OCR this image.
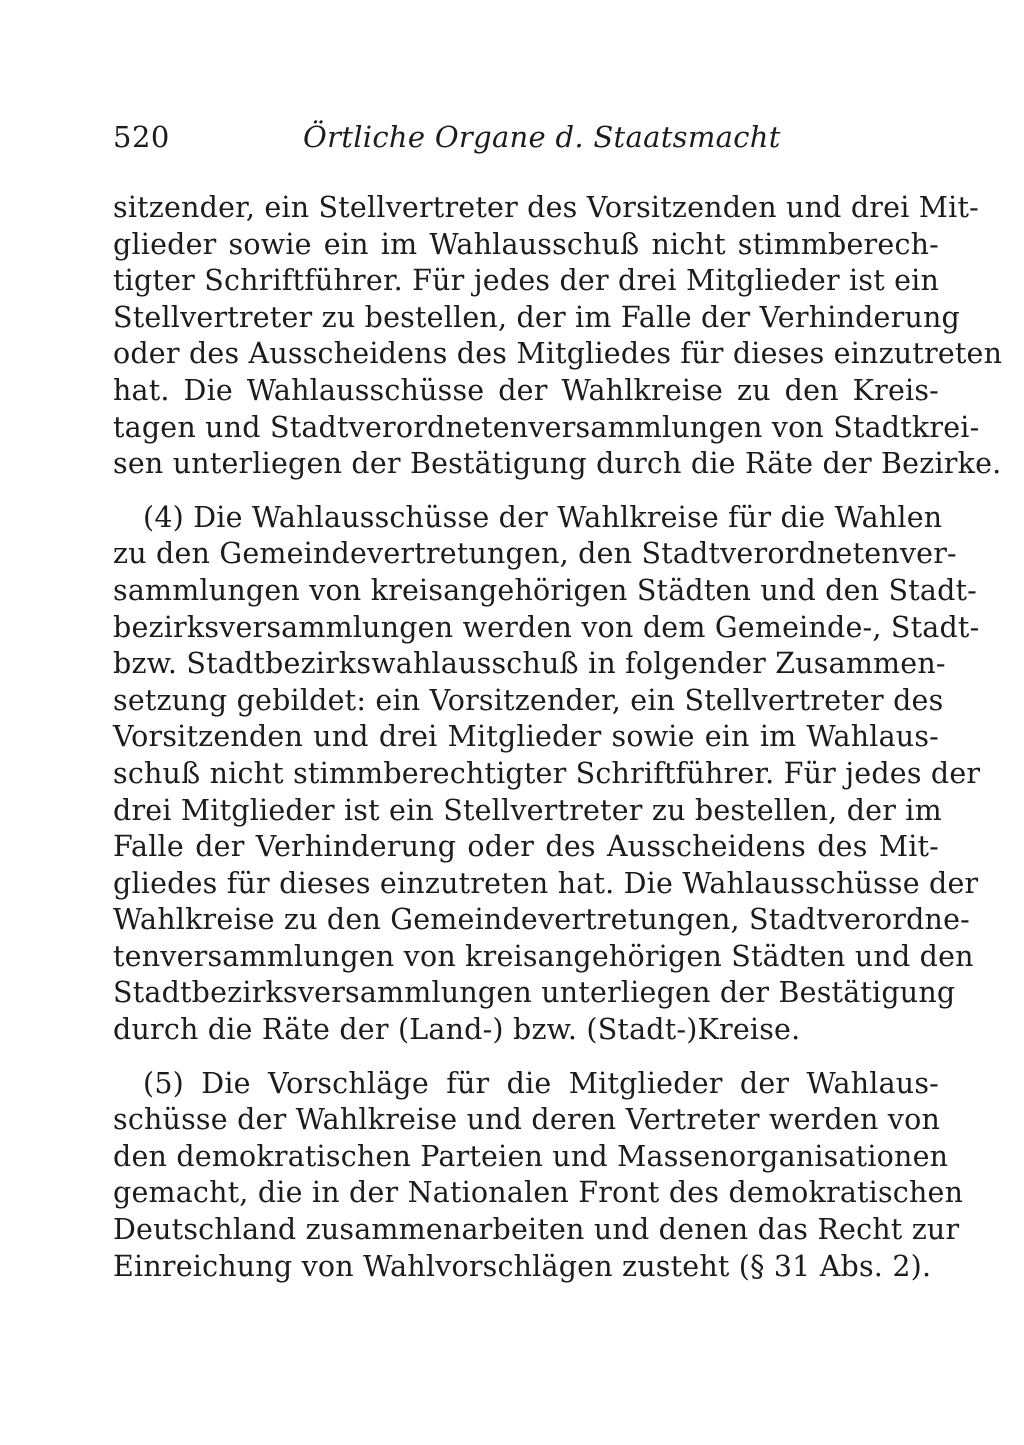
520	Örtliche Organe d. Staatsmacht

sitzender, ein Stellvertreter des Vorsitzenden und drei Mit-
glieder sowie ein im Wahlausschuß nicht stimmberech-
tigter Schriftführer. Für jedes der drei Mitglieder ist ein
Stellvertreter zu bestellen, der im Falle der Verhinderung
oder des Ausscheidens des Mitgliedes für dieses einzutreten
hat. Die Wahlausschüsse der Wahlkreise zu den Kreis-
tagen und Stadtverordnetenversammlungen von Stadtkrei-
sen unterliegen der Bestätigung durch die Räte der Bezirke.

(4) Die Wahlausschüsse der Wahlkreise für die Wahlen
zu den Gemeindevertretungen, den Stadtverordnetenver-
sammlungen von kreisangehörigen Städten und den Stadt-
bezirksversammlungen werden von dem Gemeinde-, Stadt-
bzw. Stadtbezirkswahlausschuß in folgender Zusammen-
setzung gebildet: ein Vorsitzender, ein Stellvertreter des
Vorsitzenden und drei Mitglieder sowie ein im Wahlaus-
schuß nicht stimmberechtigter Schriftführer. Für jedes der
drei Mitglieder ist ein Stellvertreter zu bestellen, der im
Falle der Verhinderung oder des Ausscheidens des Mit-
gliedes für dieses einzutreten hat. Die Wahlausschüsse der
Wahlkreise zu den Gemeindevertretungen, Stadtverordne-
tenversammlungen von kreisangehörigen Städten und den
Stadtbezirksversammlungen unterliegen der Bestätigung
durch die Räte der (Land-) bzw. (Stadt-)Kreise.

(5) Die Vorschläge für die Mitglieder der Wahlaus-
schüsse der Wahlkreise und deren Vertreter werden von
den demokratischen Parteien und Massenorganisationen
gemacht, die in der Nationalen Front des demokratischen
Deutschland zusammenarbeiten und denen das Recht zur
Einreichung von Wahlvorschlägen zusteht (§ 31 Abs. 2).
